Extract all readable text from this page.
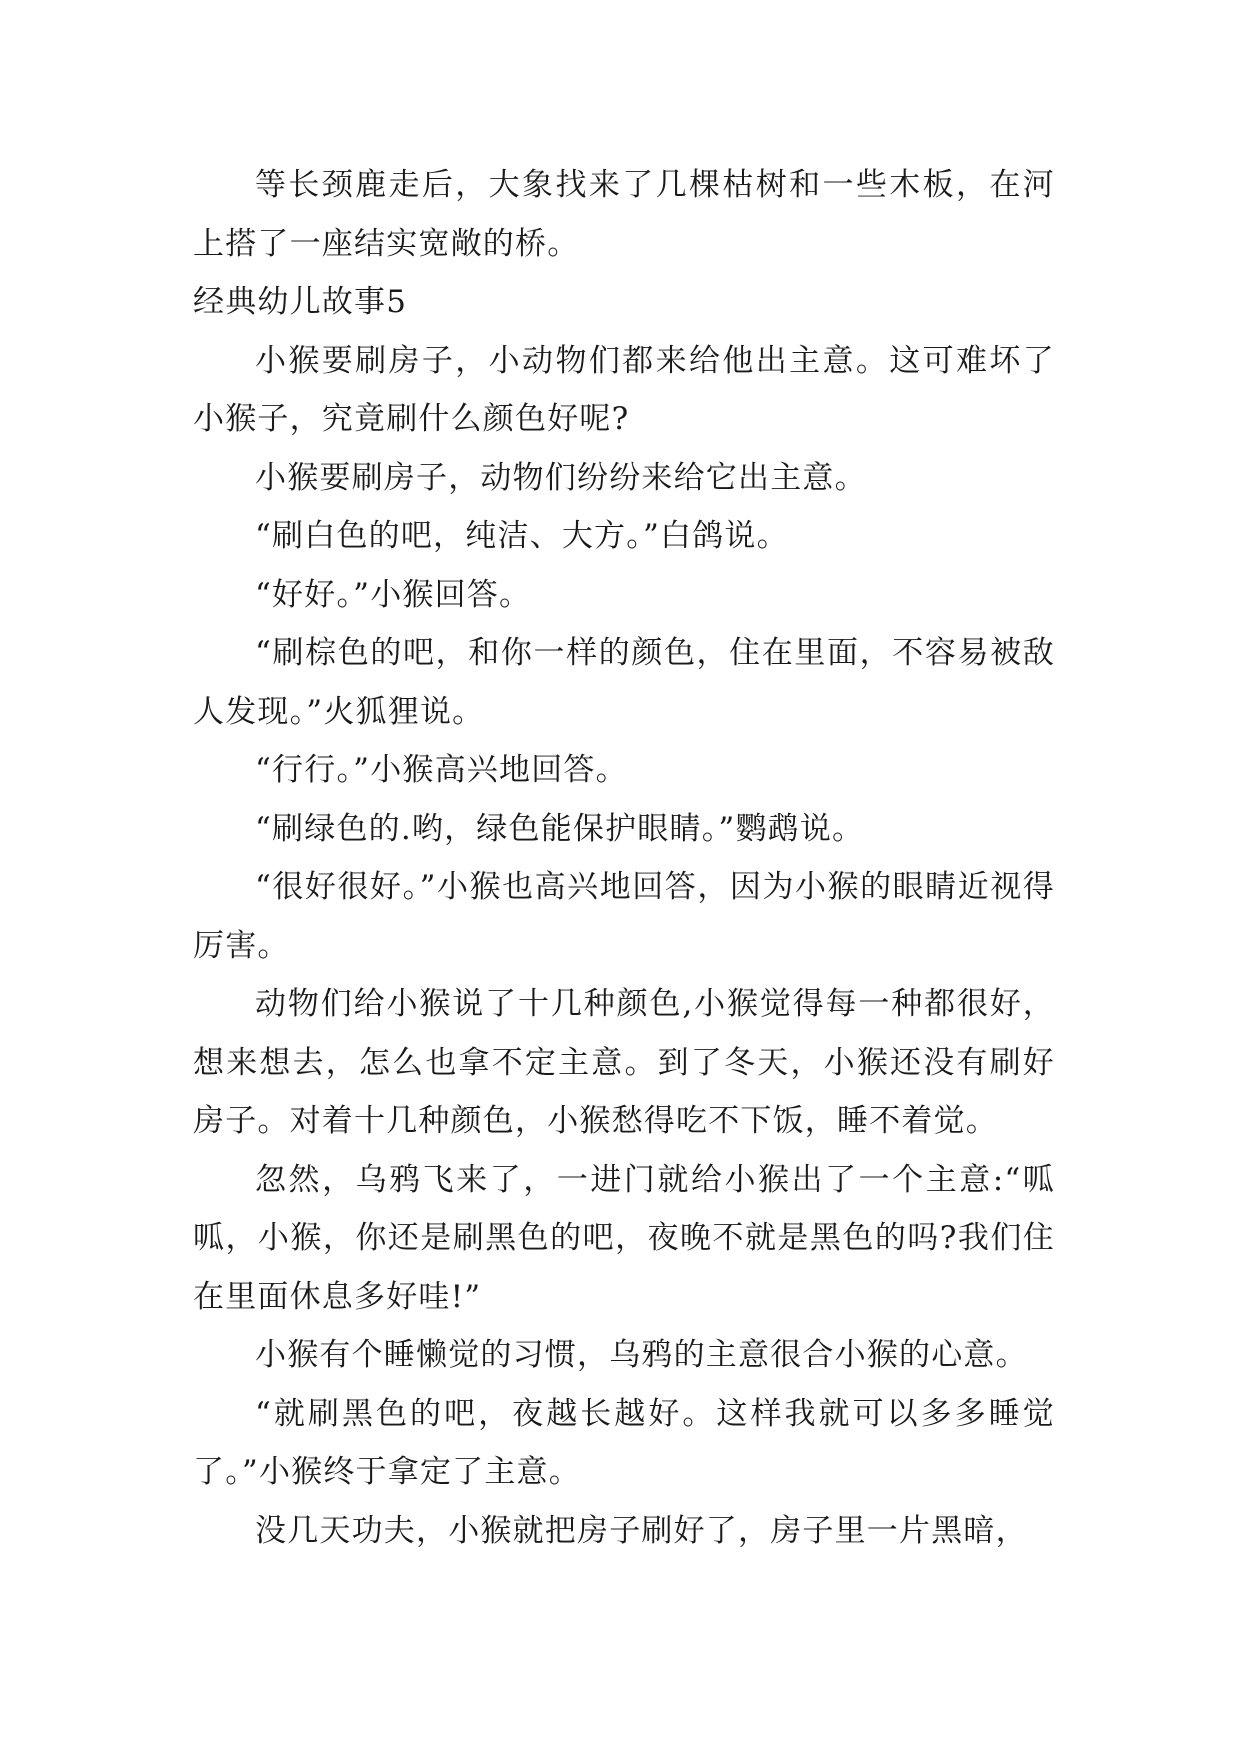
等长颈鹿走后，大象找来了几棵枯树和一些木板，在河上搭了一座结实宽敞的桥。

经典幼儿故事5

小猴要刷房子，小动物们都来给他出主意。这可难坏了小猴子，究竟刷什么颜色好呢?

小猴要刷房子，动物们纷纷来给它出主意。

“刷白色的吧，纯洁、大方。”白鸽说。

“好好。”小猴回答。

“刷棕色的吧，和你一样的颜色，住在里面，不容易被敌人发现。”火狐狸说。

“行行。”小猴高兴地回答。

“刷绿色的.哟，绿色能保护眼睛。”鹦鹉说。

“很好很好。”小猴也高兴地回答，因为小猴的眼睛近视得厉害。

动物们给小猴说了十几种颜色,小猴觉得每一种都很好，想来想去，怎么也拿不定主意。到了冬天，小猴还没有刷好房子。对着十几种颜色，小猴愁得吃不下饭，睡不着觉。

忽然，乌鸦飞来了，一进门就给小猴出了一个主意:“呱呱，小猴，你还是刷黑色的吧，夜晚不就是黑色的吗?我们住在里面休息多好哇!”

小猴有个睡懒觉的习惯，乌鸦的主意很合小猴的心意。

“就刷黑色的吧，夜越长越好。这样我就可以多多睡觉了。”小猴终于拿定了主意。

没几天功夫，小猴就把房子刷好了，房子里一片黑暗，
